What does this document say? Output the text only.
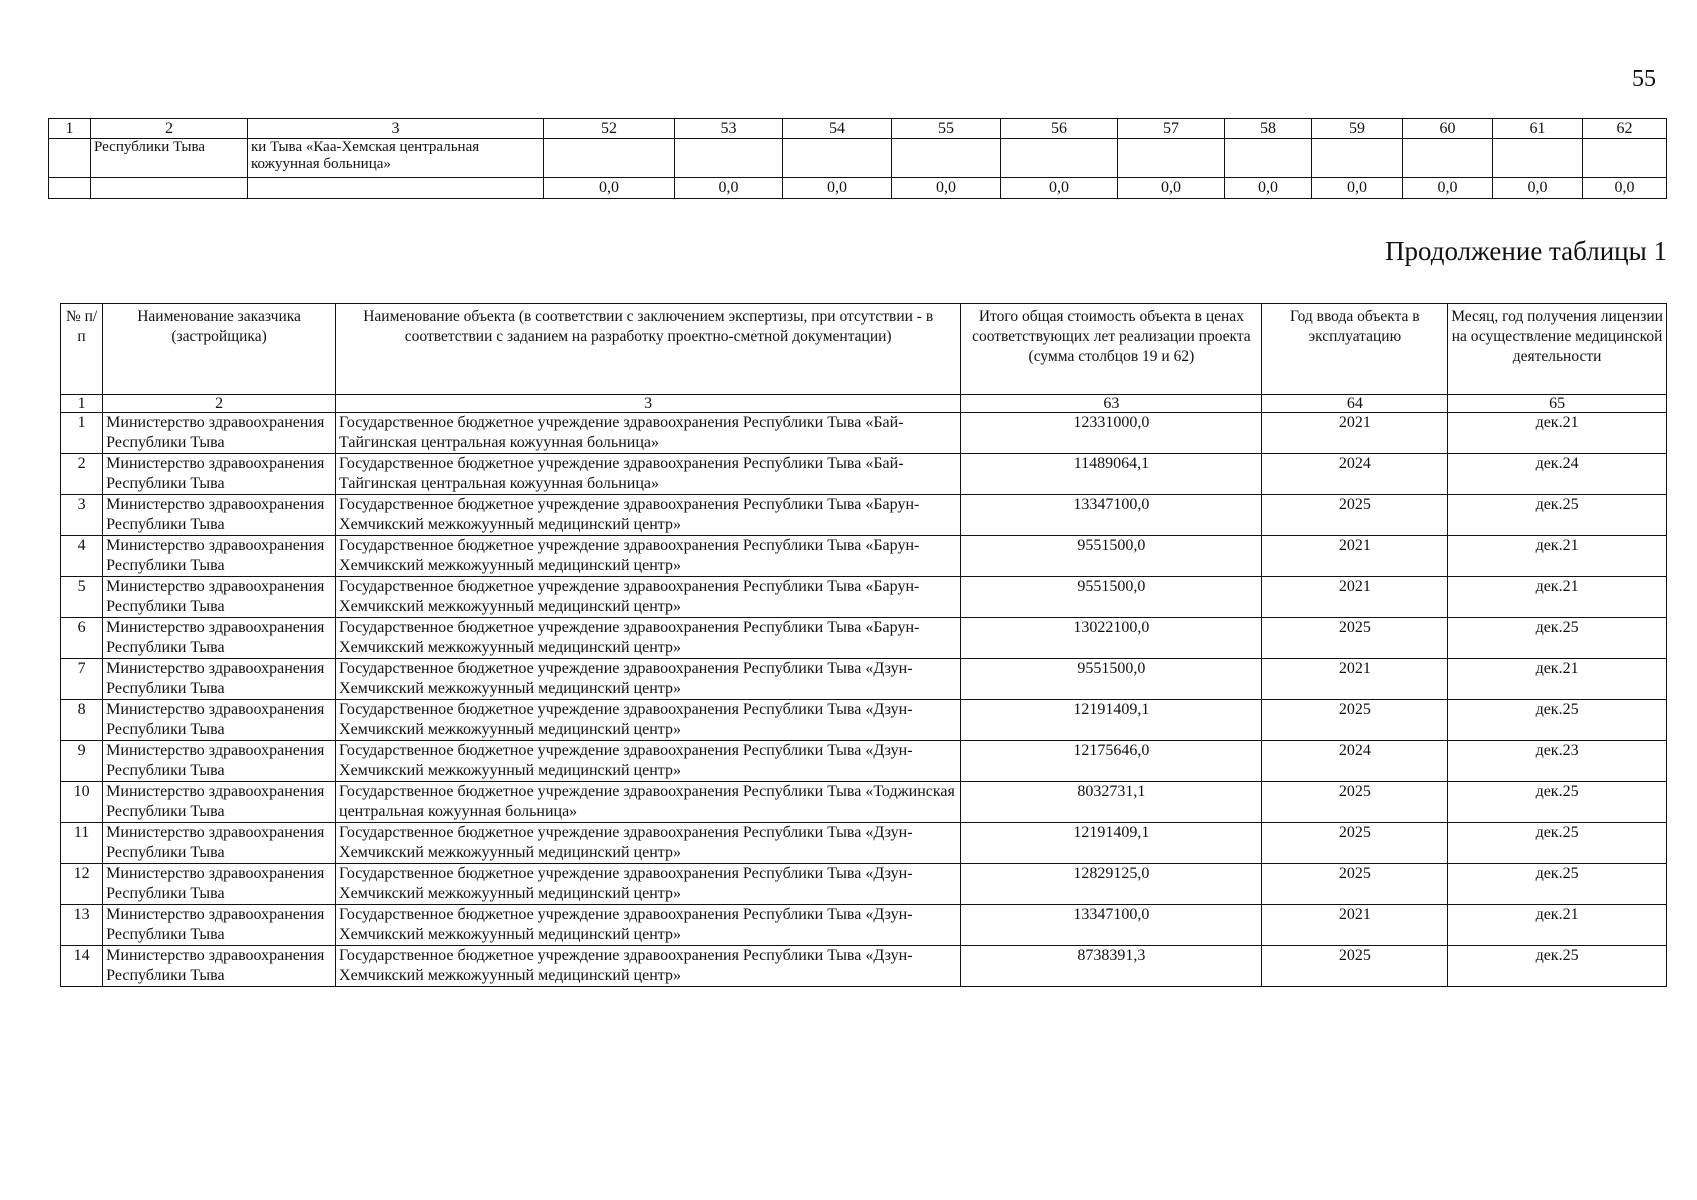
55
1	2	3	52	53	54	55	56	57	58	59	60	61	62
	Республики Тыва	ки Тыва «Каа-Хемская центральная кожуунная больница»											
			0,0	0,0	0,0	0,0	0,0	0,0	0,0	0,0	0,0	0,0	0,0
Продолжение таблицы 1
№ п/п	Наименование заказчика (застройщика)	Наименование объекта (в соответствии с заключением экспертизы, при отсутствии - в соответствии с заданием на разработку проектно-сметной документации)	Итого общая стоимость объекта в ценах соответствующих лет реализации проекта (сумма столбцов 19 и 62)	Год ввода объекта в эксплуатацию	Месяц, год получения лицензии на осуществление медицинской деятельности
1	2	3	63	64	65
1	Министерство здравоохранения Республики Тыва	Государственное бюджетное учреждение здравоохранения Республики Тыва «Бай-Тайгинская центральная кожуунная больница»	12331000,0	2021	дек.21
2	Министерство здравоохранения Республики Тыва	Государственное бюджетное учреждение здравоохранения Республики Тыва «Бай-Тайгинская центральная кожуунная больница»	11489064,1	2024	дек.24
3	Министерство здравоохранения Республики Тыва	Государственное бюджетное учреждение здравоохранения Республики Тыва «Барун-Хемчикский межкожуунный медицинский центр»	13347100,0	2025	дек.25
4	Министерство здравоохранения Республики Тыва	Государственное бюджетное учреждение здравоохранения Республики Тыва «Барун-Хемчикский межкожуунный медицинский центр»	9551500,0	2021	дек.21
5	Министерство здравоохранения Республики Тыва	Государственное бюджетное учреждение здравоохранения Республики Тыва «Барун-Хемчикский межкожуунный медицинский центр»	9551500,0	2021	дек.21
6	Министерство здравоохранения Республики Тыва	Государственное бюджетное учреждение здравоохранения Республики Тыва «Барун-Хемчикский межкожуунный медицинский центр»	13022100,0	2025	дек.25
7	Министерство здравоохранения Республики Тыва	Государственное бюджетное учреждение здравоохранения Республики Тыва «Дзун-Хемчикский межкожуунный медицинский центр»	9551500,0	2021	дек.21
8	Министерство здравоохранения Республики Тыва	Государственное бюджетное учреждение здравоохранения Республики Тыва «Дзун-Хемчикский межкожуунный медицинский центр»	12191409,1	2025	дек.25
9	Министерство здравоохранения Республики Тыва	Государственное бюджетное учреждение здравоохранения Республики Тыва «Дзун-Хемчикский межкожуунный медицинский центр»	12175646,0	2024	дек.23
10	Министерство здравоохранения Республики Тыва	Государственное бюджетное учреждение здравоохранения Республики Тыва «Тоджинская центральная кожуунная больница»	8032731,1	2025	дек.25
11	Министерство здравоохранения Республики Тыва	Государственное бюджетное учреждение здравоохранения Республики Тыва «Дзун-Хемчикский межкожуунный медицинский центр»	12191409,1	2025	дек.25
12	Министерство здравоохранения Республики Тыва	Государственное бюджетное учреждение здравоохранения Республики Тыва «Дзун-Хемчикский межкожуунный медицинский центр»	12829125,0	2025	дек.25
13	Министерство здравоохранения Республики Тыва	Государственное бюджетное учреждение здравоохранения Республики Тыва «Дзун-Хемчикский межкожуунный медицинский центр»	13347100,0	2021	дек.21
14	Министерство здравоохранения Республики Тыва	Государственное бюджетное учреждение здравоохранения Республики Тыва «Дзун-Хемчикский межкожуунный медицинский центр»	8738391,3	2025	дек.25
